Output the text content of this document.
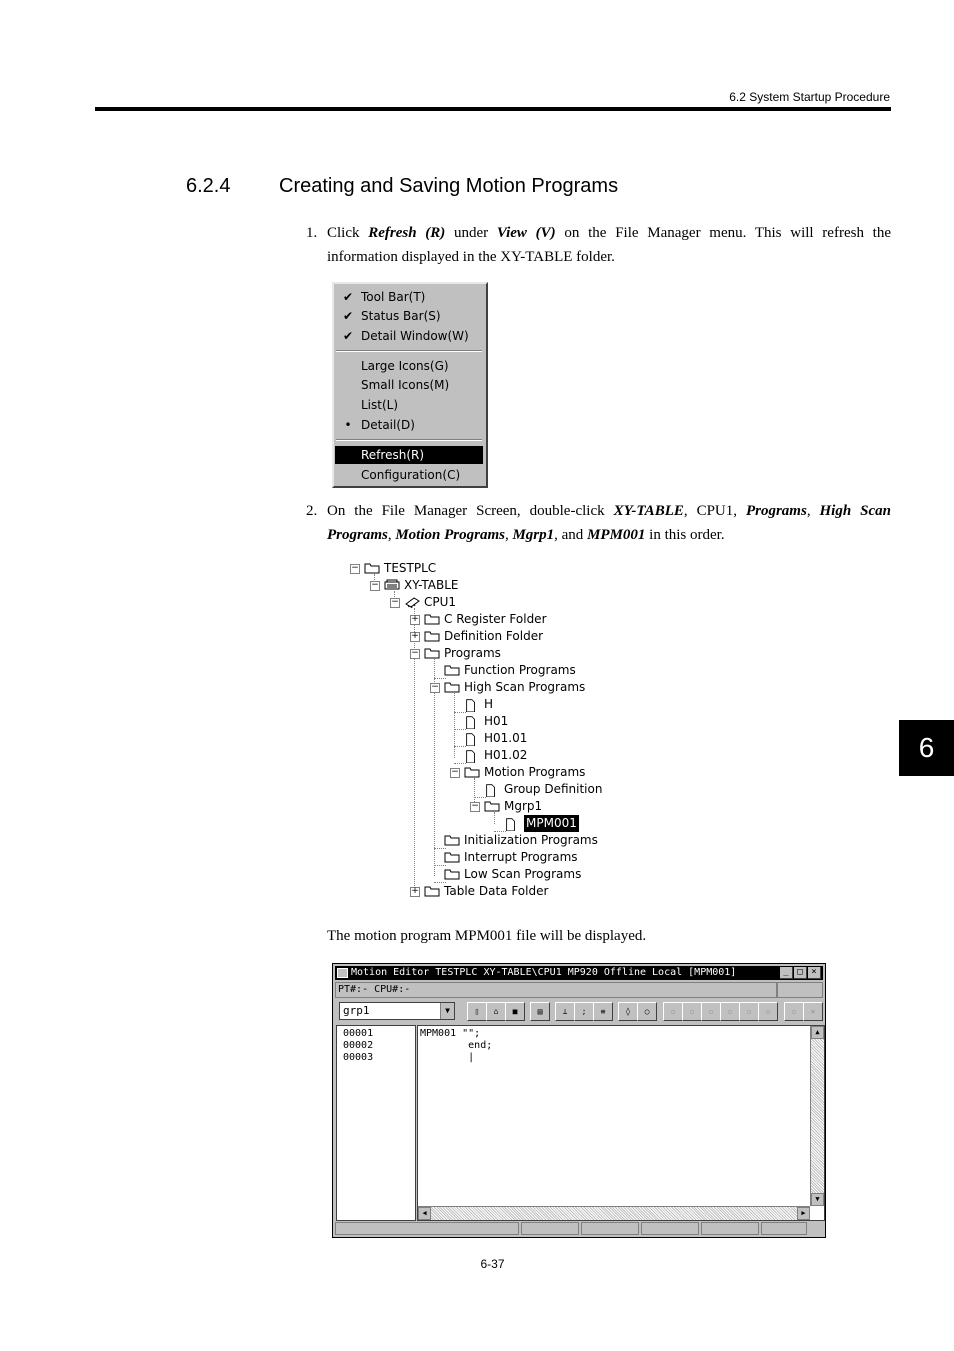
6.2 System Startup Procedure
6.2.4 Creating and Saving Motion Programs
1. Click Refresh (R) under View (V) on the File Manager menu. This will refresh the information displayed in the XY-TABLE folder.
✔ Tool Bar(T)
✔ Status Bar(S)
✔ Detail Window(W)
Large Icons(G)
Small Icons(M)
List(L)
• Detail(D)
Refresh(R)
Configuration(C)
2. On the File Manager Screen, double-click XY-TABLE, CPU1, Programs, High Scan Programs, Motion Programs, Mgrp1, and MPM001 in this order.
− TESTPLC
− XY-TABLE
− CPU1
+ C Register Folder
+ Definition Folder
− Programs
Function Programs
− High Scan Programs
H
H01
H01.01
H01.02
− Motion Programs
Group Definition
− Mgrp1
MPM001
Initialization Programs
Interrupt Programs
Low Scan Programs
+ Table Data Folder
The motion program MPM001 file will be displayed.
Motion Editor TESTPLC XY-TABLE\CPU1 MP920 Offline Local [MPM001]	_ □ ×
PT#:- CPU#:-
grp1	▼	▯	⌂	■	▤	⊥	;	≡	◊	○	▫	▫	▫	▫	▫	▫	▫	✕
00001
00002
00003
MPM001 "";
end;
|
▲
▼
◀	▶
6
6-37
